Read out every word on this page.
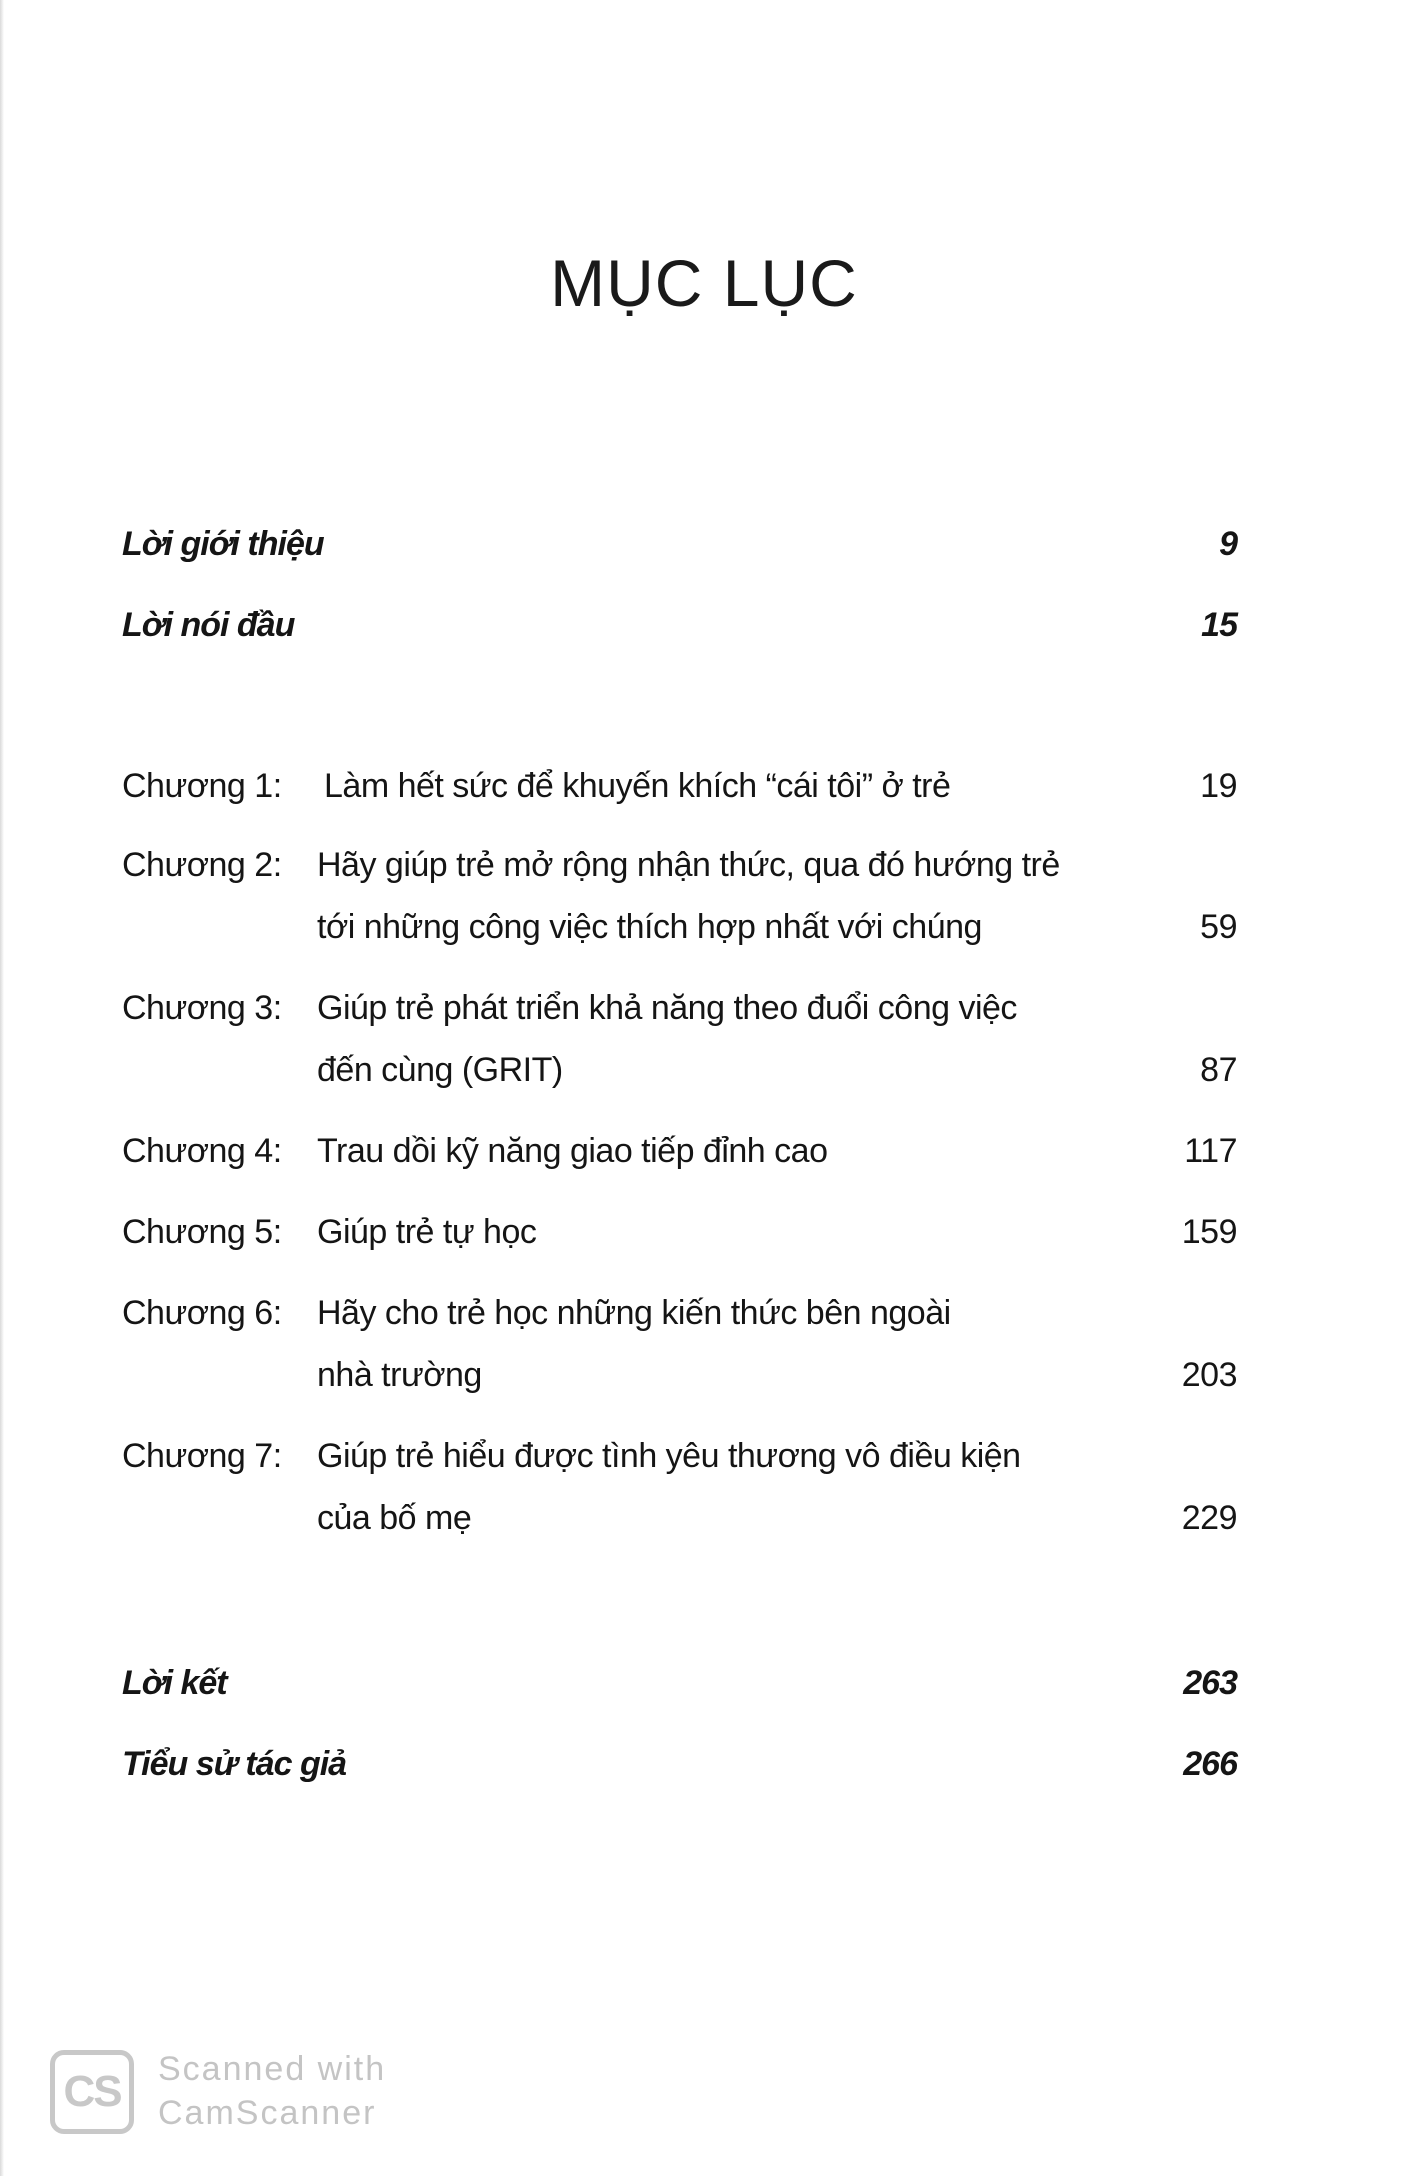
MỤC LỤC
Lời giới thiệu	9
Lời nói đầu	15
Chương 1: Làm hết sức để khuyến khích “cái tôi” ở trẻ	19
Chương 2: Hãy giúp trẻ mở rộng nhận thức, qua đó hướng trẻ
tới những công việc thích hợp nhất với chúng	59
Chương 3: Giúp trẻ phát triển khả năng theo đuổi công việc
đến cùng (GRIT)	87
Chương 4: Trau dồi kỹ năng giao tiếp đỉnh cao	117
Chương 5: Giúp trẻ tự học	159
Chương 6: Hãy cho trẻ học những kiến thức bên ngoài
nhà trường	203
Chương 7: Giúp trẻ hiểu được tình yêu thương vô điều kiện
của bố mẹ	229
Lời kết	263
Tiểu sử tác giả	266
CS	Scanned with
CamScanner
